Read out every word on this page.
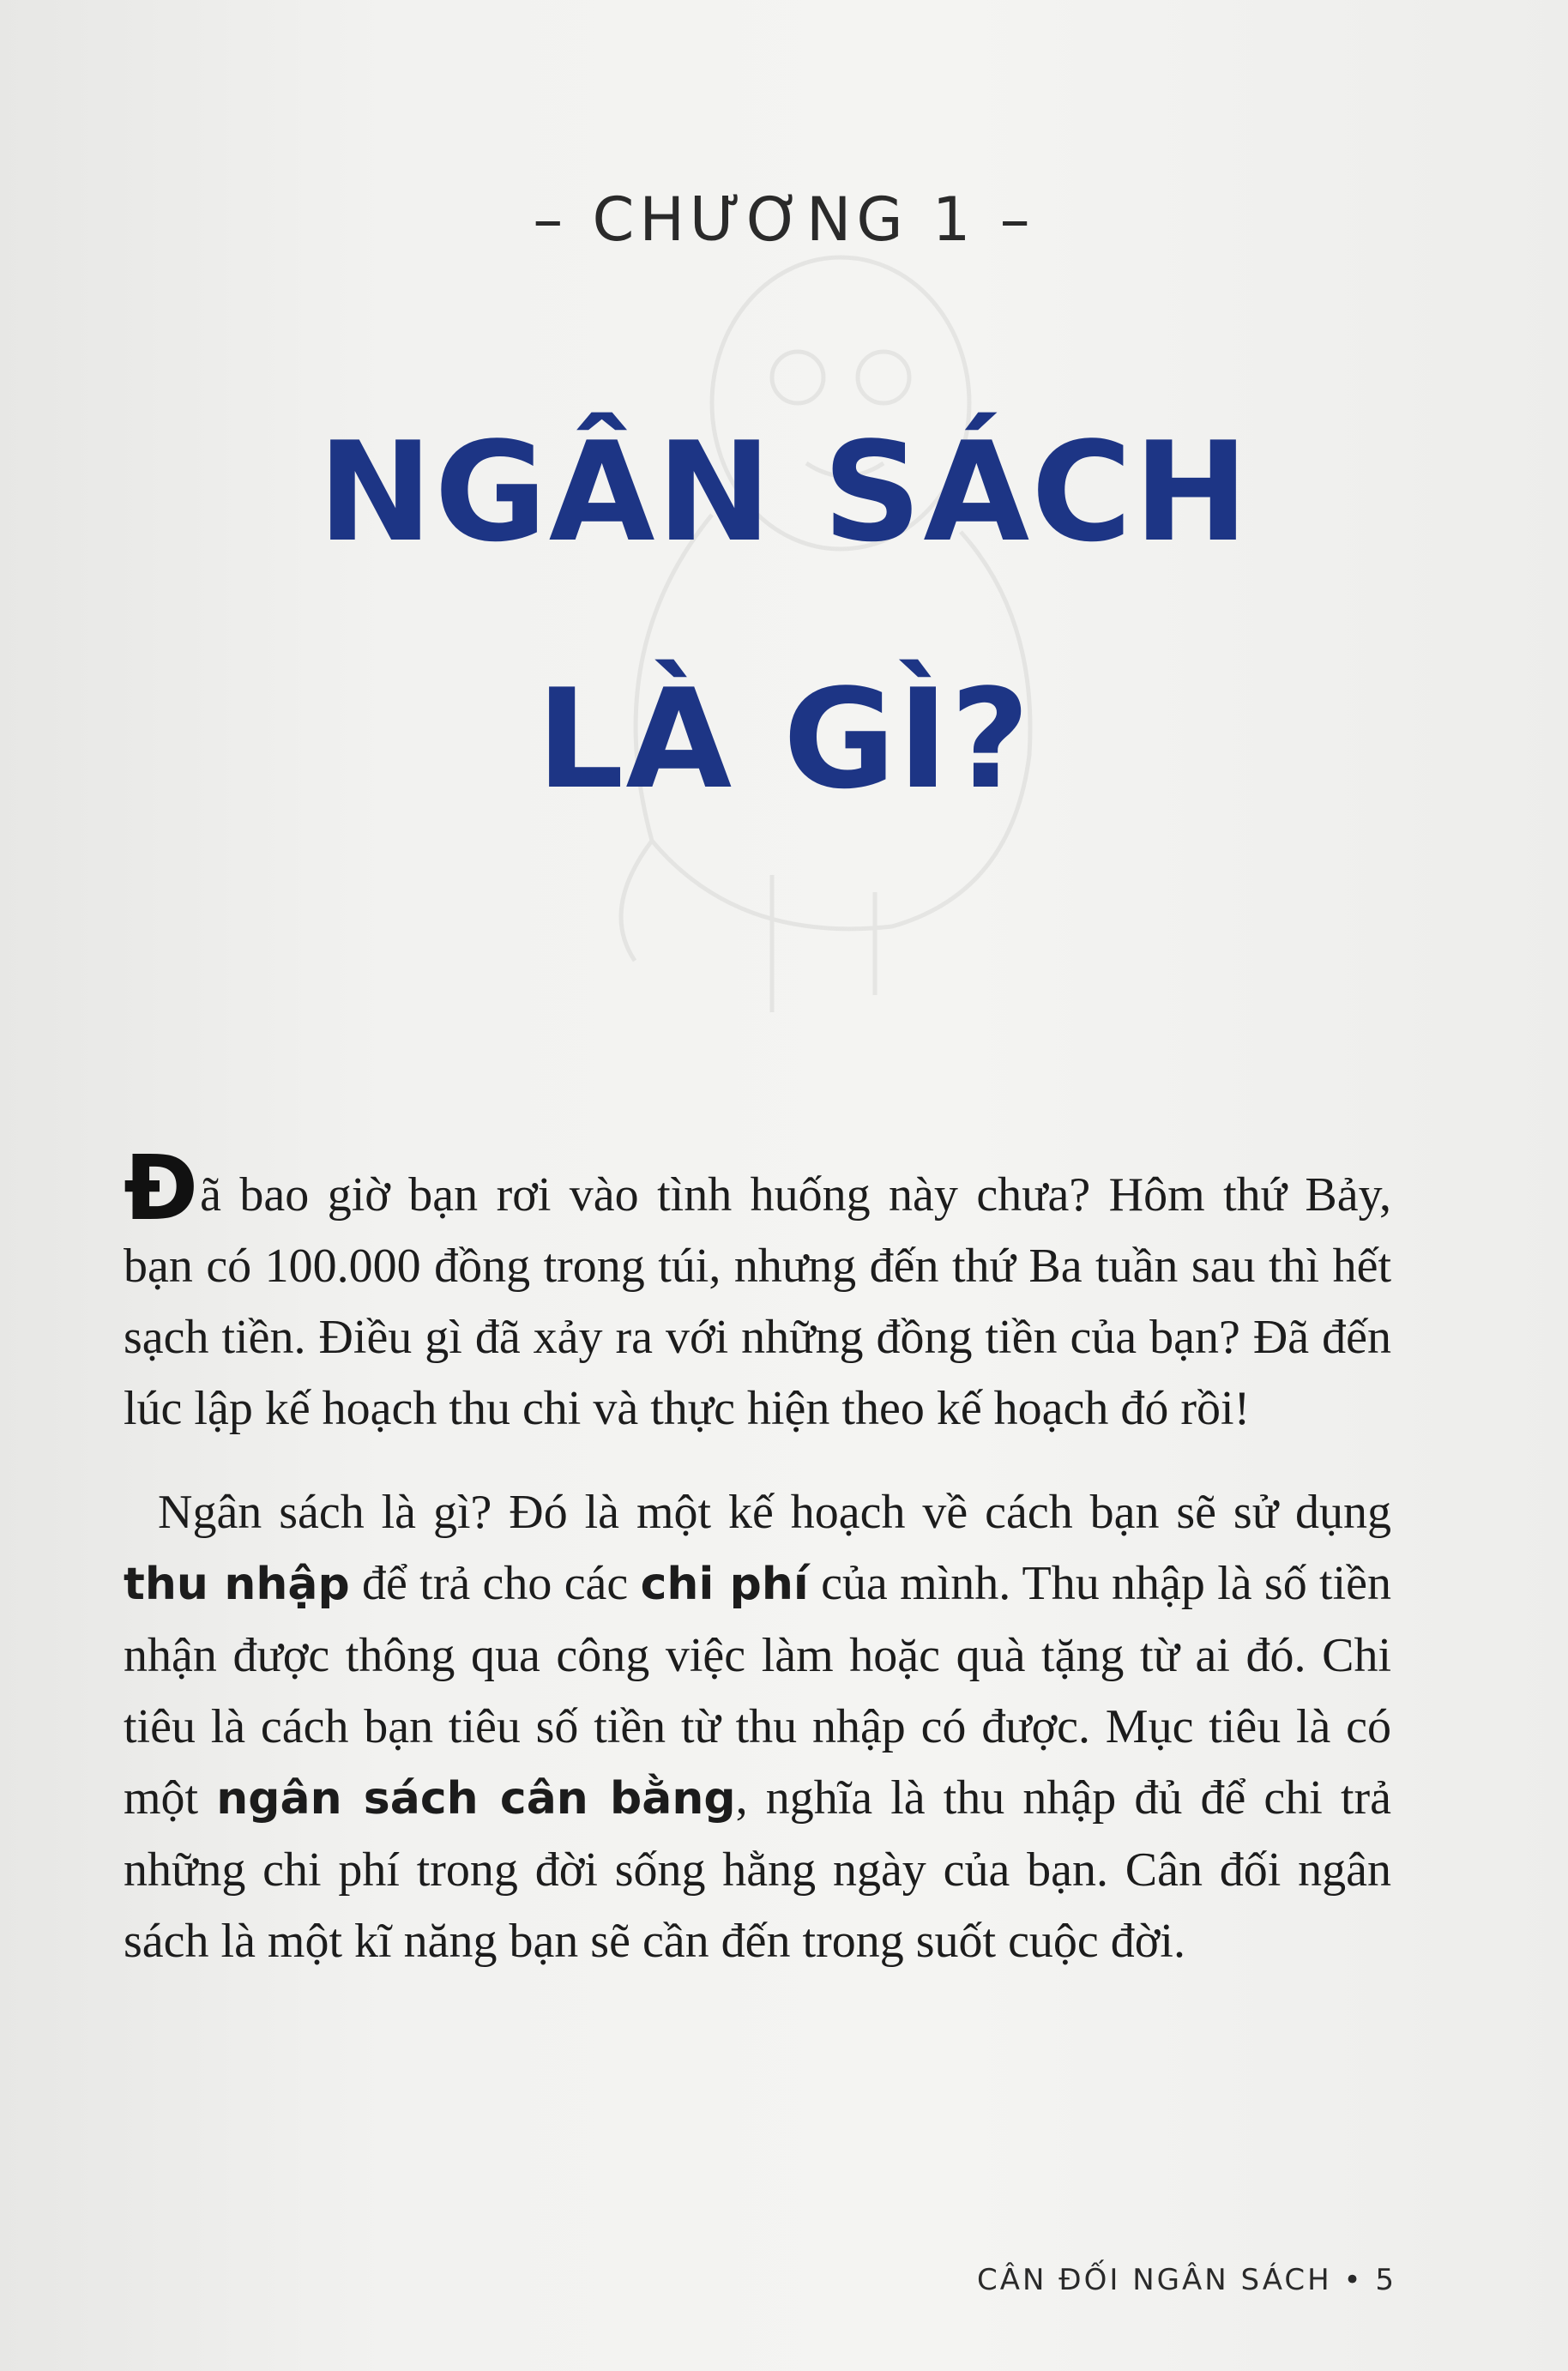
– CHƯƠNG 1 –
NGÂN SÁCH
LÀ GÌ?

Đã bao giờ bạn rơi vào tình huống này chưa? Hôm thứ Bảy, bạn có 100.000 đồng trong túi, nhưng đến thứ Ba tuần sau thì hết sạch tiền. Điều gì đã xảy ra với những đồng tiền của bạn? Đã đến lúc lập kế hoạch thu chi và thực hiện theo kế hoạch đó rồi!

Ngân sách là gì? Đó là một kế hoạch về cách bạn sẽ sử dụng thu nhập để trả cho các chi phí của mình. Thu nhập là số tiền nhận được thông qua công việc làm hoặc quà tặng từ ai đó. Chi tiêu là cách bạn tiêu số tiền từ thu nhập có được. Mục tiêu là có một ngân sách cân bằng, nghĩa là thu nhập đủ để chi trả những chi phí trong đời sống hằng ngày của bạn. Cân đối ngân sách là một kĩ năng bạn sẽ cần đến trong suốt cuộc đời.

CÂN ĐỐI NGÂN SÁCH • 5
